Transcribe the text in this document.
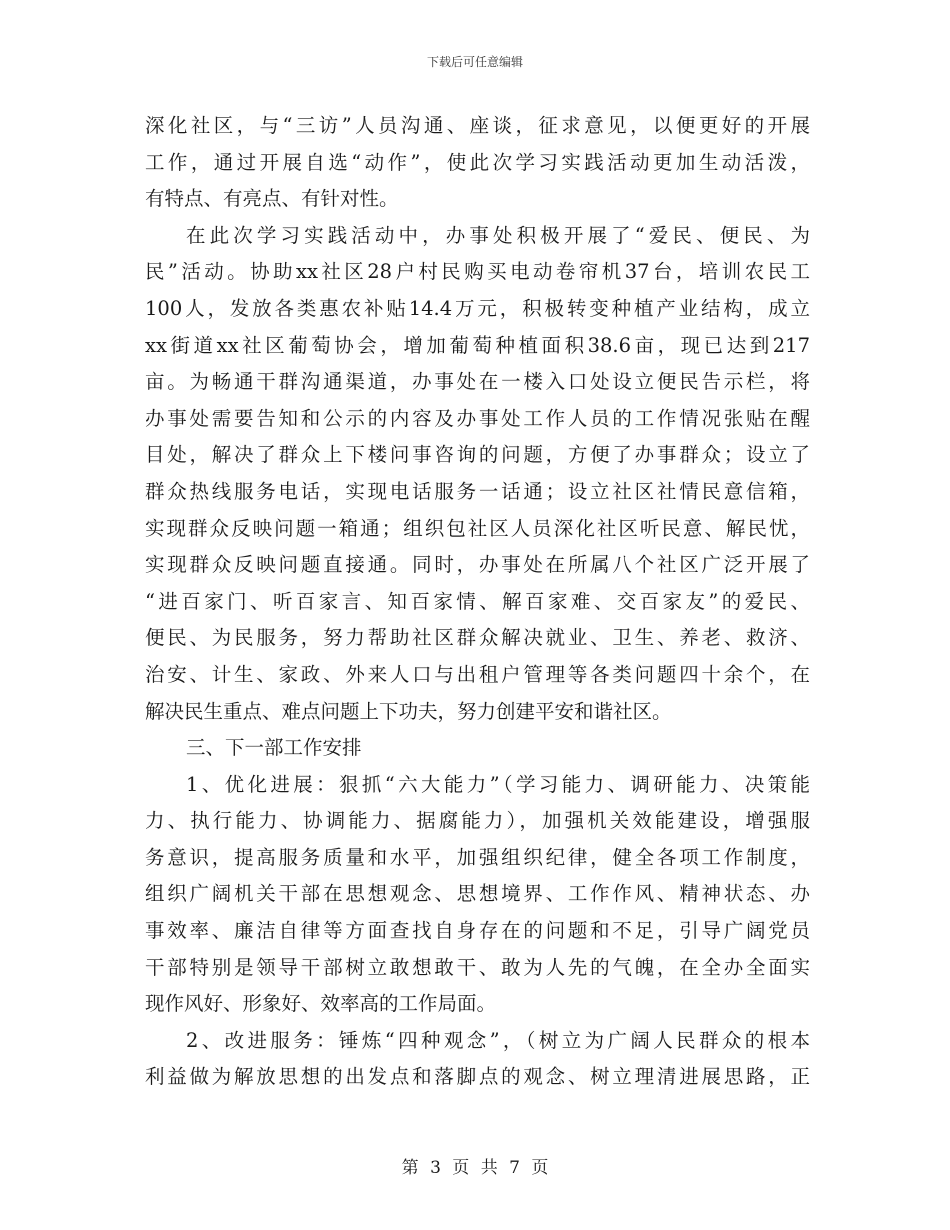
下载后可任意编辑
深化社区，与“三访”人员沟通、座谈，征求意见，以便更好的开展
工作，通过开展自选“动作”，使此次学习实践活动更加生动活泼，
有特点、有亮点、有针对性。
在此次学习实践活动中，办事处积极开展了“爱民、便民、为
民”活动。协助xx社区28户村民购买电动卷帘机37台，培训农民工
100人，发放各类惠农补贴14.4万元，积极转变种植产业结构，成立
xx街道xx社区葡萄协会，增加葡萄种植面积38.6亩，现已达到217
亩。为畅通干群沟通渠道，办事处在一楼入口处设立便民告示栏，将
办事处需要告知和公示的内容及办事处工作人员的工作情况张贴在醒
目处，解决了群众上下楼问事咨询的问题，方便了办事群众；设立了
群众热线服务电话，实现电话服务一话通；设立社区社情民意信箱，
实现群众反映问题一箱通；组织包社区人员深化社区听民意、解民忧，
实现群众反映问题直接通。同时，办事处在所属八个社区广泛开展了
“进百家门、听百家言、知百家情、解百家难、交百家友”的爱民、
便民、为民服务，努力帮助社区群众解决就业、卫生、养老、救济、
治安、计生、家政、外来人口与出租户管理等各类问题四十余个，在
解决民生重点、难点问题上下功夫，努力创建平安和谐社区。
三、下一部工作安排
1、优化进展：狠抓“六大能力”（学习能力、调研能力、决策能
力、执行能力、协调能力、据腐能力），加强机关效能建设，增强服
务意识，提高服务质量和水平，加强组织纪律，健全各项工作制度，
组织广阔机关干部在思想观念、思想境界、工作作风、精神状态、办
事效率、廉洁自律等方面查找自身存在的问题和不足，引导广阔党员
干部特别是领导干部树立敢想敢干、敢为人先的气魄，在全办全面实
现作风好、形象好、效率高的工作局面。
2、改进服务：锤炼“四种观念”，（树立为广阔人民群众的根本
利益做为解放思想的出发点和落脚点的观念、树立理清进展思路，正
第 3 页 共 7 页
